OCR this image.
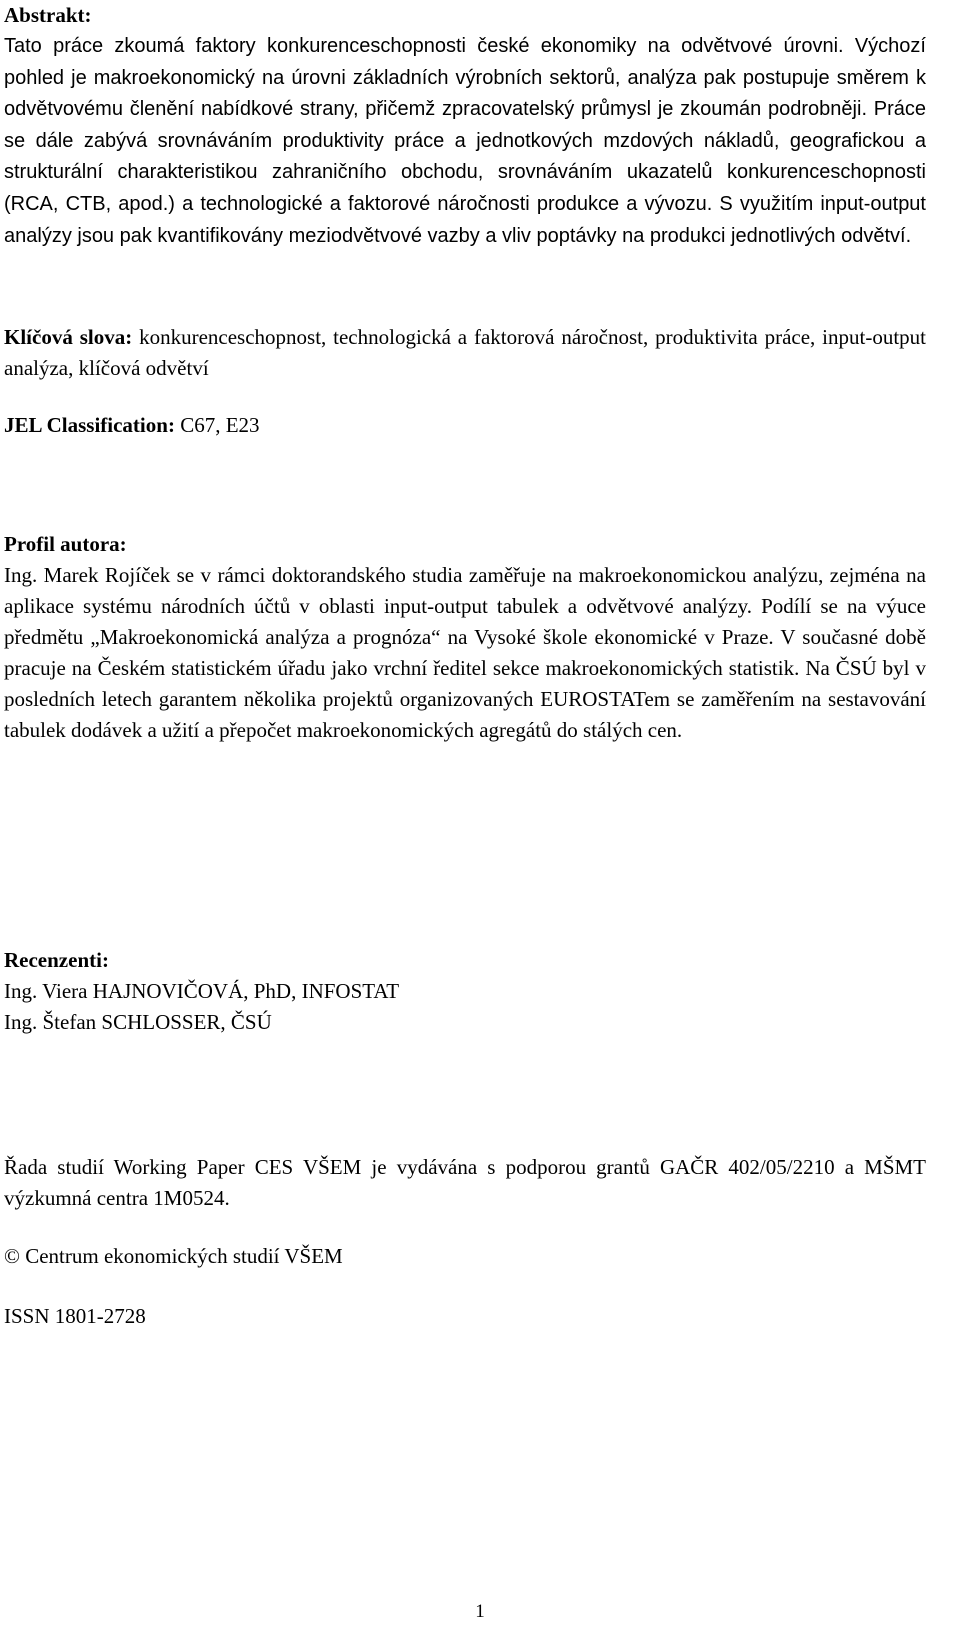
Abstrakt:
Tato práce zkoumá faktory konkurenceschopnosti české ekonomiky na odvětvové úrovni. Výchozí pohled je makroekonomický na úrovni základních výrobních sektorů, analýza pak postupuje směrem k odvětvovému členění nabídkové strany, přičemž zpracovatelský průmysl je zkoumán podrobněji. Práce se dále zabývá srovnáváním produktivity práce a jednotkových mzdových nákladů, geografickou a strukturální charakteristikou zahraničního obchodu, srovnáváním ukazatelů konkurenceschopnosti (RCA, CTB, apod.) a technologické a faktorové náročnosti produkce a vývozu. S využitím input-output analýzy jsou pak kvantifikovány meziodvětvové vazby a vliv poptávky na produkci jednotlivých odvětví.

Klíčová slova: konkurenceschopnost, technologická a faktorová náročnost, produktivita práce, input-output analýza, klíčová odvětví

JEL Classification: C67, E23

Profil autora:
Ing. Marek Rojíček se v rámci doktorandského studia zaměřuje na makroekonomickou analýzu, zejména na aplikace systému národních účtů v oblasti input-output tabulek a odvětvové analýzy. Podílí se na výuce předmětu „Makroekonomická analýza a prognóza“ na Vysoké škole ekonomické v Praze. V současné době pracuje na Českém statistickém úřadu jako vrchní ředitel sekce makroekonomických statistik. Na ČSÚ byl v posledních letech garantem několika projektů organizovaných EUROSTATem se zaměřením na sestavování tabulek dodávek a užití a přepočet makroekonomických agregátů do stálých cen.
Recenzenti:
Ing. Viera HAJNOVIČOVÁ, PhD, INFOSTAT
Ing. Štefan SCHLOSSER, ČSÚ

Řada studií Working Paper CES VŠEM je vydávána s podporou grantů GAČR 402/05/2210 a MŠMT výzkumná centra 1M0524.

© Centrum ekonomických studií VŠEM

ISSN 1801-2728

1
